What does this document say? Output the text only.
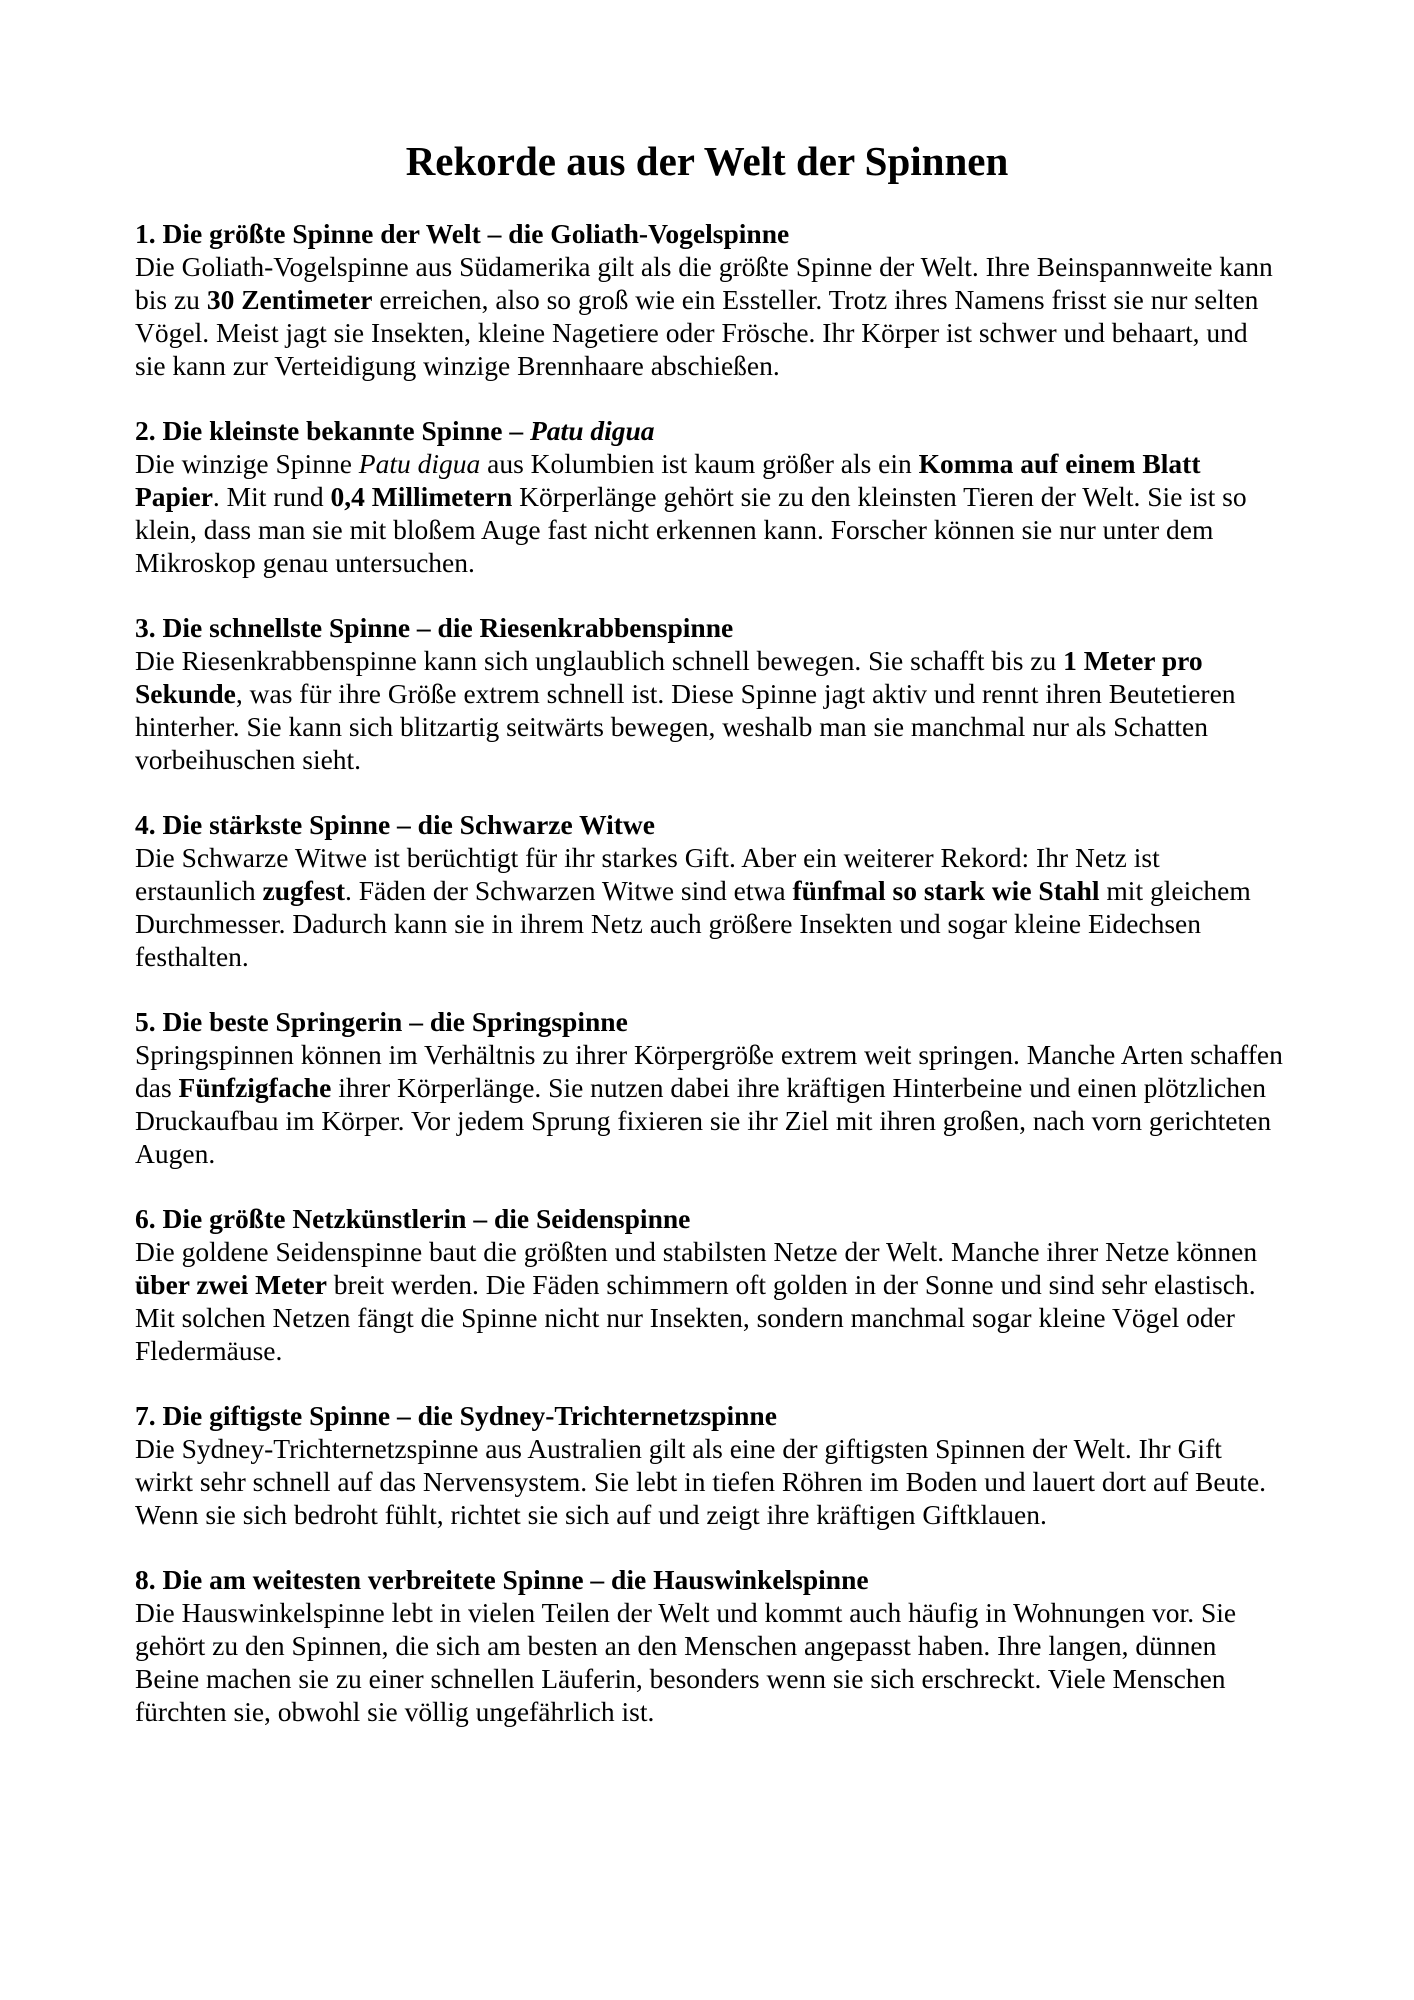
Rekorde aus der Welt der Spinnen

1. Die größte Spinne der Welt – die Goliath-Vogelspinne

Die Goliath-Vogelspinne aus Südamerika gilt als die größte Spinne der Welt. Ihre Beinspannweite kann bis zu 30 Zentimeter erreichen, also so groß wie ein Essteller. Trotz ihres Namens frisst sie nur selten Vögel. Meist jagt sie Insekten, kleine Nagetiere oder Frösche. Ihr Körper ist schwer und behaart, und sie kann zur Verteidigung winzige Brennhaare abschießen.

2. Die kleinste bekannte Spinne – Patu digua

Die winzige Spinne Patu digua aus Kolumbien ist kaum größer als ein Komma auf einem Blatt Papier. Mit rund 0,4 Millimetern Körperlänge gehört sie zu den kleinsten Tieren der Welt. Sie ist so klein, dass man sie mit bloßem Auge fast nicht erkennen kann. Forscher können sie nur unter dem Mikroskop genau untersuchen.

3. Die schnellste Spinne – die Riesenkrabbenspinne

Die Riesenkrabbenspinne kann sich unglaublich schnell bewegen. Sie schafft bis zu 1 Meter pro Sekunde, was für ihre Größe extrem schnell ist. Diese Spinne jagt aktiv und rennt ihren Beutetieren hinterher. Sie kann sich blitzartig seitwärts bewegen, weshalb man sie manchmal nur als Schatten vorbeihuschen sieht.

4. Die stärkste Spinne – die Schwarze Witwe

Die Schwarze Witwe ist berüchtigt für ihr starkes Gift. Aber ein weiterer Rekord: Ihr Netz ist erstaunlich zugfest. Fäden der Schwarzen Witwe sind etwa fünfmal so stark wie Stahl mit gleichem Durchmesser. Dadurch kann sie in ihrem Netz auch größere Insekten und sogar kleine Eidechsen festhalten.

5. Die beste Springerin – die Springspinne

Springspinnen können im Verhältnis zu ihrer Körpergröße extrem weit springen. Manche Arten schaffen das Fünfzigfache ihrer Körperlänge. Sie nutzen dabei ihre kräftigen Hinterbeine und einen plötzlichen Druckaufbau im Körper. Vor jedem Sprung fixieren sie ihr Ziel mit ihren großen, nach vorn gerichteten Augen.

6. Die größte Netzkünstlerin – die Seidenspinne

Die goldene Seidenspinne baut die größten und stabilsten Netze der Welt. Manche ihrer Netze können über zwei Meter breit werden. Die Fäden schimmern oft golden in der Sonne und sind sehr elastisch. Mit solchen Netzen fängt die Spinne nicht nur Insekten, sondern manchmal sogar kleine Vögel oder Fledermäuse.

7. Die giftigste Spinne – die Sydney-Trichternetzspinne

Die Sydney-Trichternetzspinne aus Australien gilt als eine der giftigsten Spinnen der Welt. Ihr Gift wirkt sehr schnell auf das Nervensystem. Sie lebt in tiefen Röhren im Boden und lauert dort auf Beute. Wenn sie sich bedroht fühlt, richtet sie sich auf und zeigt ihre kräftigen Giftklauen.

8. Die am weitesten verbreitete Spinne – die Hauswinkelspinne

Die Hauswinkelspinne lebt in vielen Teilen der Welt und kommt auch häufig in Wohnungen vor. Sie gehört zu den Spinnen, die sich am besten an den Menschen angepasst haben. Ihre langen, dünnen Beine machen sie zu einer schnellen Läuferin, besonders wenn sie sich erschreckt. Viele Menschen fürchten sie, obwohl sie völlig ungefährlich ist.
